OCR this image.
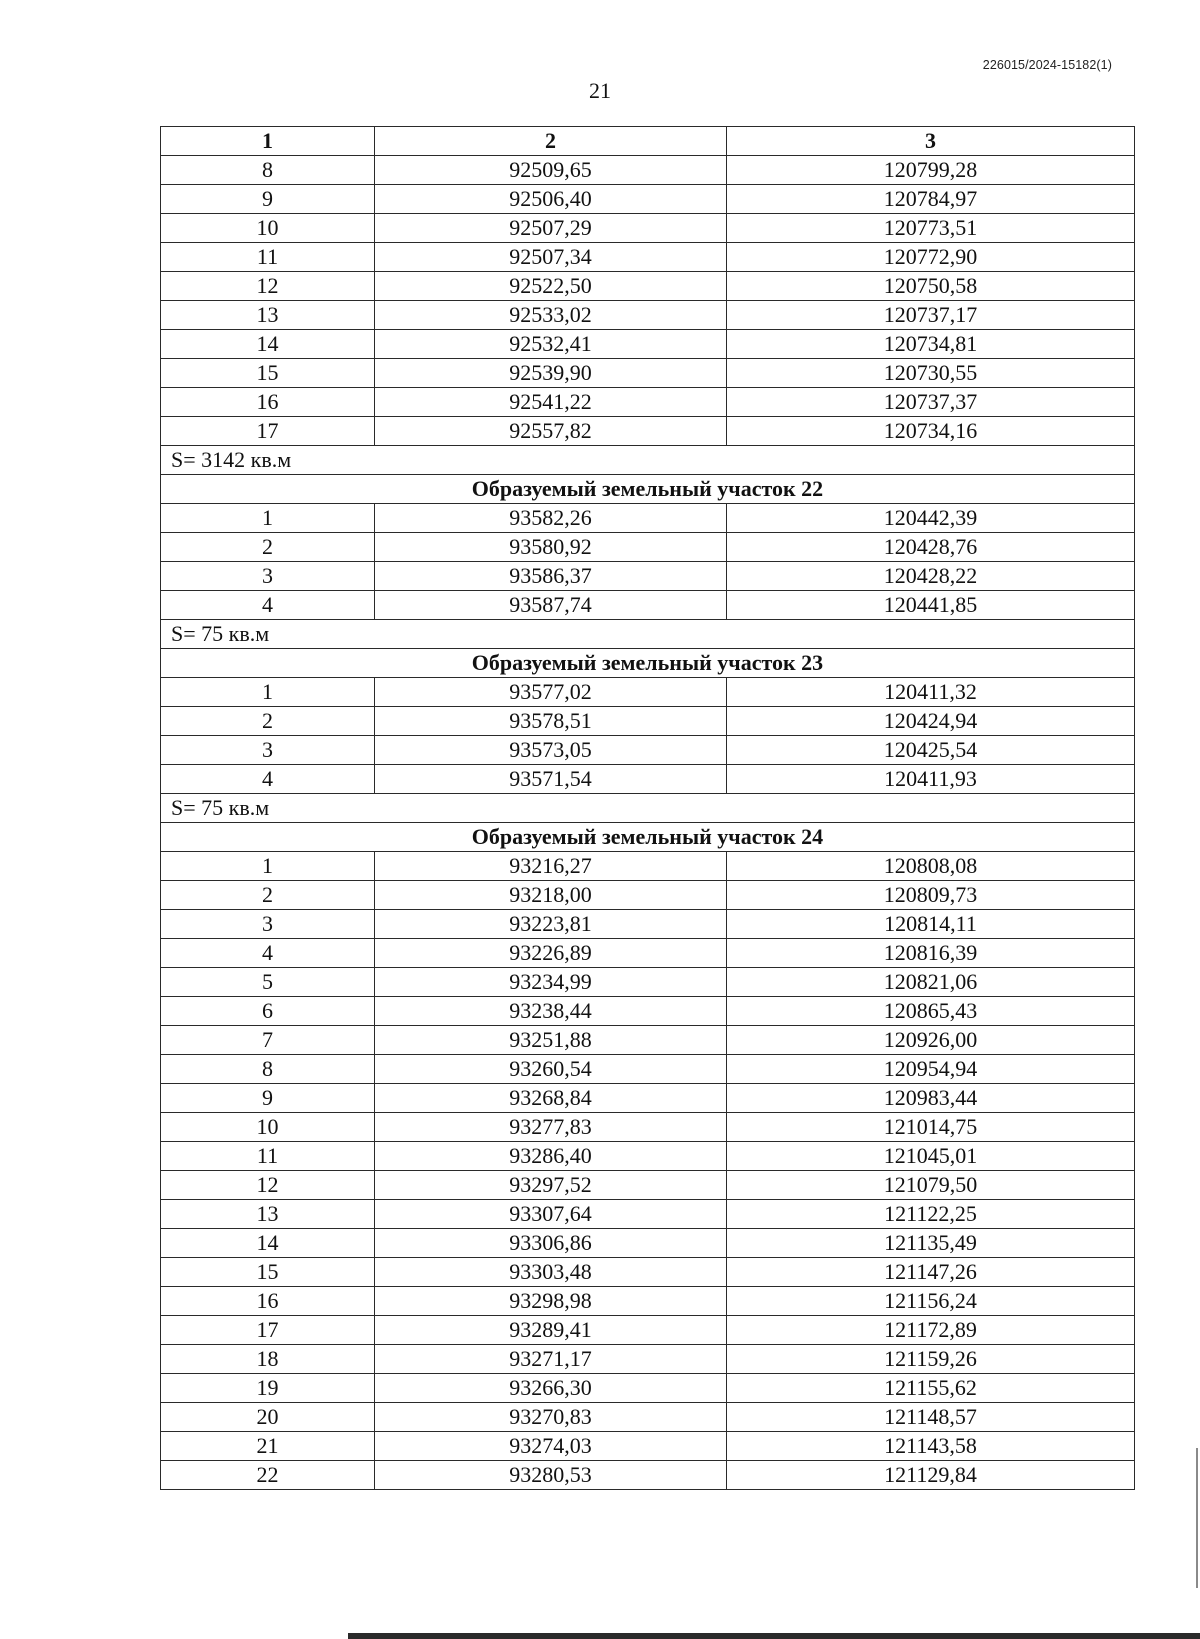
226015/2024-15182(1)
21
1	2	3
8	92509,65	120799,28
9	92506,40	120784,97
10	92507,29	120773,51
11	92507,34	120772,90
12	92522,50	120750,58
13	92533,02	120737,17
14	92532,41	120734,81
15	92539,90	120730,55
16	92541,22	120737,37
17	92557,82	120734,16
S= 3142 кв.м		
Образуемый земельный участок 22		
1	93582,26	120442,39
2	93580,92	120428,76
3	93586,37	120428,22
4	93587,74	120441,85
S= 75 кв.м		
Образуемый земельный участок 23		
1	93577,02	120411,32
2	93578,51	120424,94
3	93573,05	120425,54
4	93571,54	120411,93
S= 75 кв.м		
Образуемый земельный участок 24		
1	93216,27	120808,08
2	93218,00	120809,73
3	93223,81	120814,11
4	93226,89	120816,39
5	93234,99	120821,06
6	93238,44	120865,43
7	93251,88	120926,00
8	93260,54	120954,94
9	93268,84	120983,44
10	93277,83	121014,75
11	93286,40	121045,01
12	93297,52	121079,50
13	93307,64	121122,25
14	93306,86	121135,49
15	93303,48	121147,26
16	93298,98	121156,24
17	93289,41	121172,89
18	93271,17	121159,26
19	93266,30	121155,62
20	93270,83	121148,57
21	93274,03	121143,58
22	93280,53	121129,84
